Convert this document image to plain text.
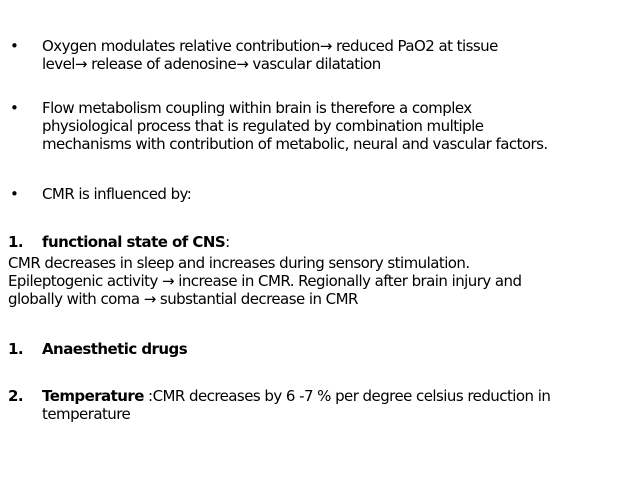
• Oxygen modulates relative contribution→ reduced PaO2 at tissue
level→ release of adenosine→ vascular dilatation
• Flow metabolism coupling within brain is therefore a complex
physiological process that is regulated by combination multiple
mechanisms with contribution of metabolic, neural and vascular factors.
• CMR is influenced by:
1. functional state of CNS:
CMR decreases in sleep and increases during sensory stimulation.
Epileptogenic activity → increase in CMR. Regionally after brain injury and
globally with coma → substantial decrease in CMR
1. Anaesthetic drugs
2. Temperature :CMR decreases by 6 -7 % per degree celsius reduction in
temperature
